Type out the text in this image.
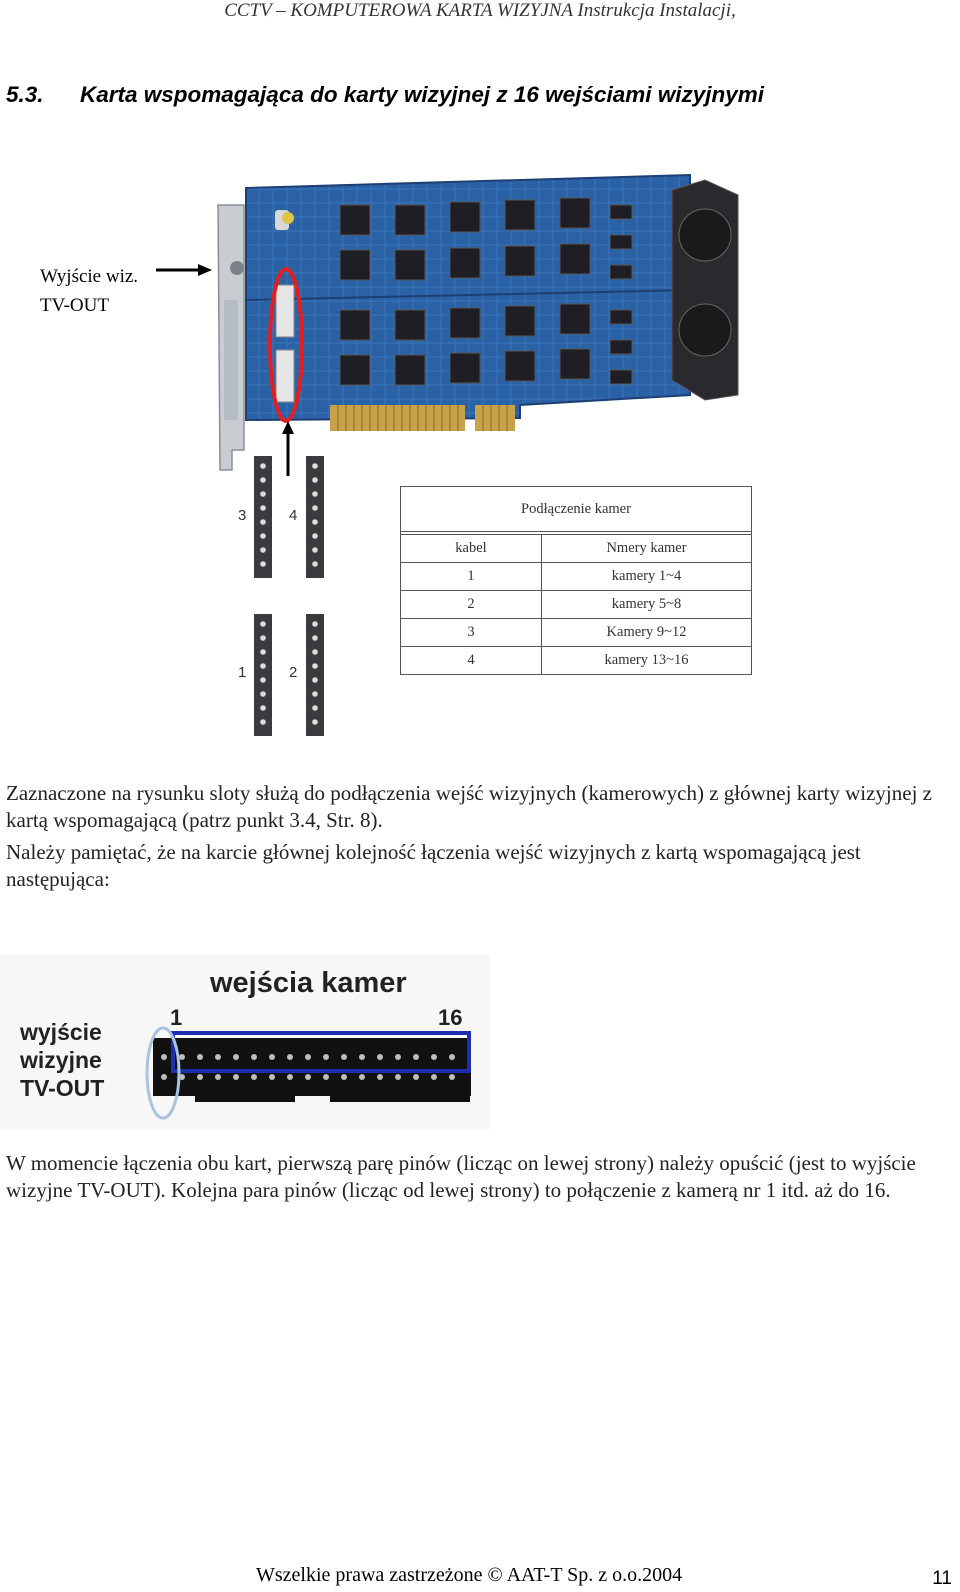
CCTV – KOMPUTEROWA KARTA WIZYJNA Instrukcja Instalacji,
5.3. Karta wspomagająca do karty wizyjnej z 16 wejściami wizyjnymi
3	4
1	2
Wyjście wiz.
TV-OUT
Podłączenie kamer	

kabel	Nmery kamer
1	kamery 1~4
2	kamery 5~8
3	Kamery 9~12
4	kamery 13~16
Zaznaczone na rysunku sloty służą do podłączenia wejść wizyjnych (kamerowych) z głównej karty wizyjnej z kartą wspomagającą (patrz punkt 3.4, Str. 8).
Należy pamiętać, że na karcie głównej kolejność łączenia wejść wizyjnych z kartą wspomagającą jest następująca:
wejścia kamer
1	16
wyjście
wizyjne
TV-OUT
W momencie łączenia obu kart, pierwszą parę pinów (licząc on lewej strony) należy opuścić (jest to wyjście wizyjne TV-OUT). Kolejna para pinów (licząc od lewej strony) to połączenie z kamerą nr 1 itd. aż do 16.
Wszelkie prawa zastrzeżone © AAT-T Sp. z o.o.2004	11
